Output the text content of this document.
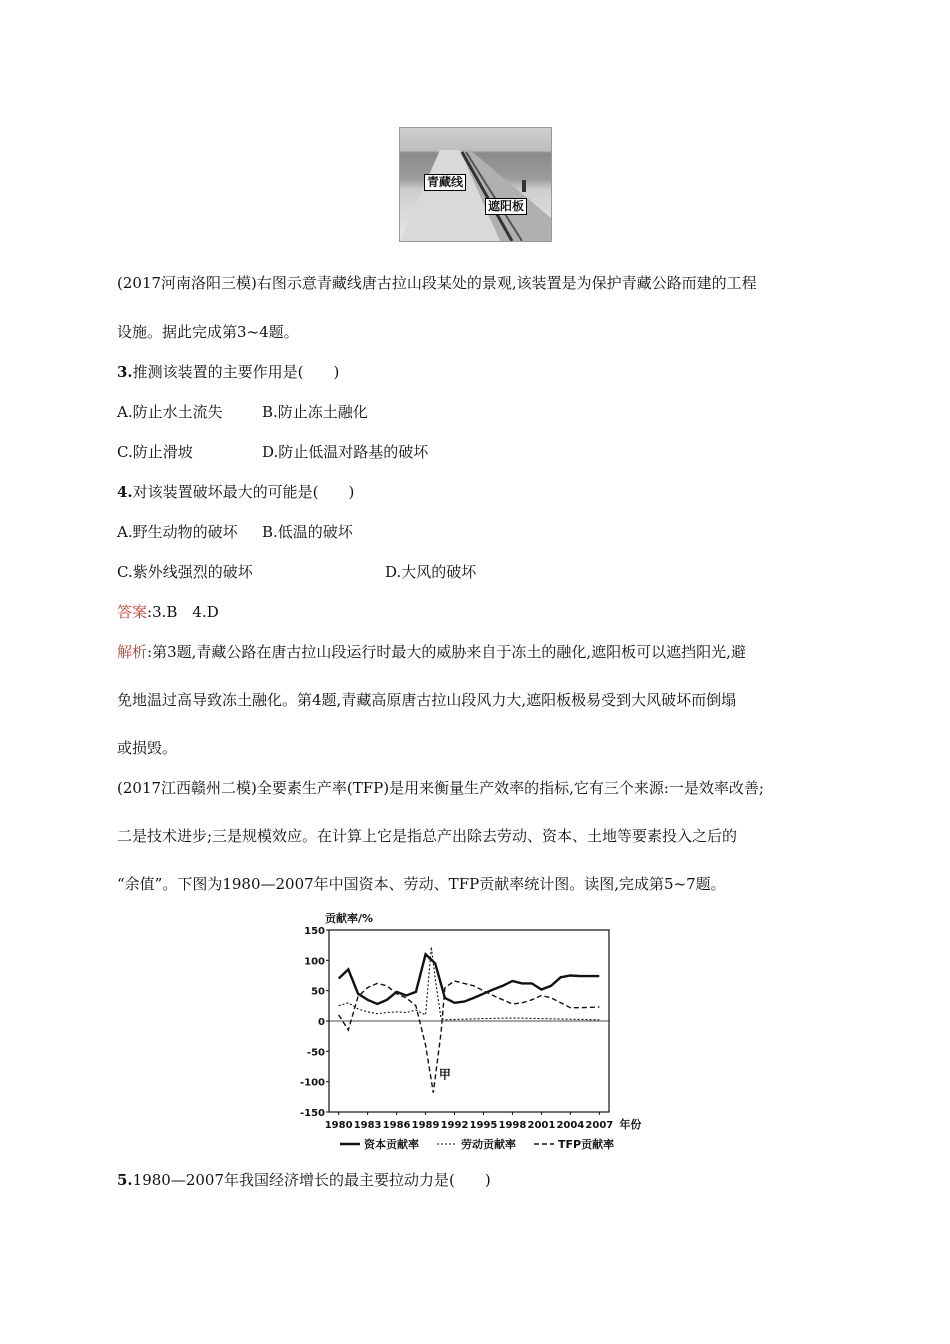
青藏线
遮阳板
(2017河南洛阳三模)右图示意青藏线唐古拉山段某处的景观,该装置是为保护青藏公路而建的工程
设施。据此完成第3~4题。
3.推测该装置的主要作用是(　　)
A.防止水土流失	B.防止冻土融化
C.防止滑坡	D.防止低温对路基的破坏
4.对该装置破坏最大的可能是(　　)
A.野生动物的破坏 B.低温的破坏
C.紫外线强烈的破坏	D.大风的破坏
答案:3.B　4.D
解析:第3题,青藏公路在唐古拉山段运行时最大的威胁来自于冻土的融化,遮阳板可以遮挡阳光,避
免地温过高导致冻土融化。第4题,青藏高原唐古拉山段风力大,遮阳板极易受到大风破坏而倒塌
或损毁。
(2017江西赣州二模)全要素生产率(TFP)是用来衡量生产效率的指标,它有三个来源:一是效率改善;
二是技术进步;三是规模效应。在计算上它是指总产出除去劳动、资本、土地等要素投入之后的
“余值”。下图为1980—2007年中国资本、劳动、TFP贡献率统计图。读图,完成第5~7题。
150
100
50
0
-50
-100
-150
1980 1983 1986 1989 1992 1995 1998 2001 2004 2007
贡献率/%
年份
甲
资本贡献率	劳动贡献率	TFP贡献率
5.1980—2007年我国经济增长的最主要拉动力是(　　)
